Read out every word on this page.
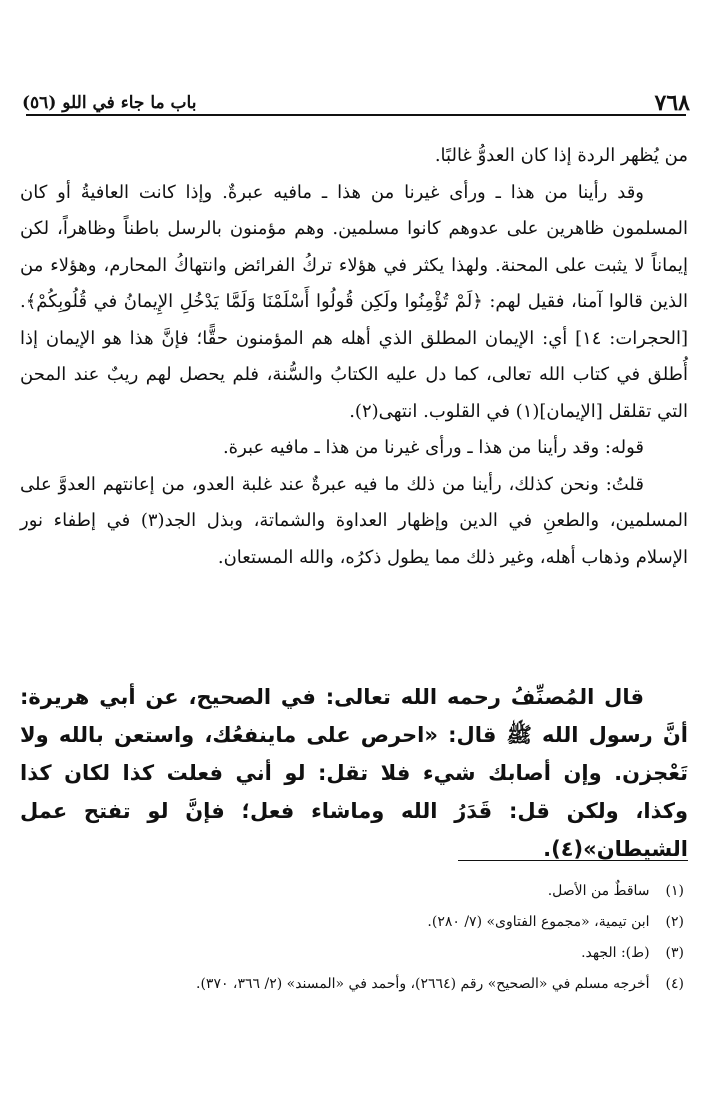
٧٦٨
باب ما جاء في اللو (٥٦)

من يُظهر الردة إذا كان العدوُّ غالبًا.

وقد رأينا من هذا ـ ورأى غيرنا من هذا ـ مافيه عبرةٌ. وإذا كانت العافيةُ أو كان المسلمون ظاهرين على عدوهم كانوا مسلمين. وهم مؤمنون بالرسل باطناً وظاهراً، لكن إيماناً لا يثبت على المحنة. ولهذا يكثر في هؤلاء تركُ الفرائض وانتهاكُ المحارم، وهؤلاء من الذين قالوا آمنا، فقيل لهم: ﴿لَمْ تُؤْمِنُوا ولَكِن قُولُوا أَسْلَمْنَا وَلَمَّا يَدْخُلِ الإِيمانُ في قُلُوبِكُمْ﴾. [الحجرات: ١٤] أي: الإيمان المطلق الذي أهله هم المؤمنون حقًّا؛ فإنَّ هذا هو الإيمان إذا أُطلق في كتاب الله تعالى، كما دل عليه الكتابُ والسُّنة، فلم يحصل لهم ريبٌ عند المحن التي تقلقل [الإيمان](١) في القلوب. انتهى(٢).

قوله: وقد رأينا من هذا ـ ورأى غيرنا من هذا ـ مافيه عبرة.

قلتُ: ونحن كذلك، رأينا من ذلك ما فيه عبرةٌ عند غلبة العدو، من إعانتهم العدوَّ على المسلمين، والطعنِ في الدين وإظهار العداوة والشماتة، وبذل الجد(٣) في إطفاء نور الإسلام وذهاب أهله، وغير ذلك مما يطول ذكرُه، والله المستعان.

قال المُصنِّفُ رحمه الله تعالى: في الصحيح، عن أبي هريرة: أنَّ رسول الله ﷺ قال: «احرص على ماينفعُك، واستعن بالله ولا تَعْجزن. وإن أصابك شيء فلا تقل: لو أني فعلت كذا لكان كذا وكذا، ولكن قل: قَدَرُ الله وماشاء فعل؛ فإنَّ لو تفتح عمل الشيطان»(٤).

(١) ساقطٌ من الأصل.
(٢) ابن تيمية، «مجموع الفتاوى» (٧/ ٢٨٠).
(٣) (ط): الجهد.
(٤) أخرجه مسلم في «الصحيح» رقم (٢٦٦٤)، وأحمد في «المسند» (٢/ ٣٦٦، ٣٧٠).
